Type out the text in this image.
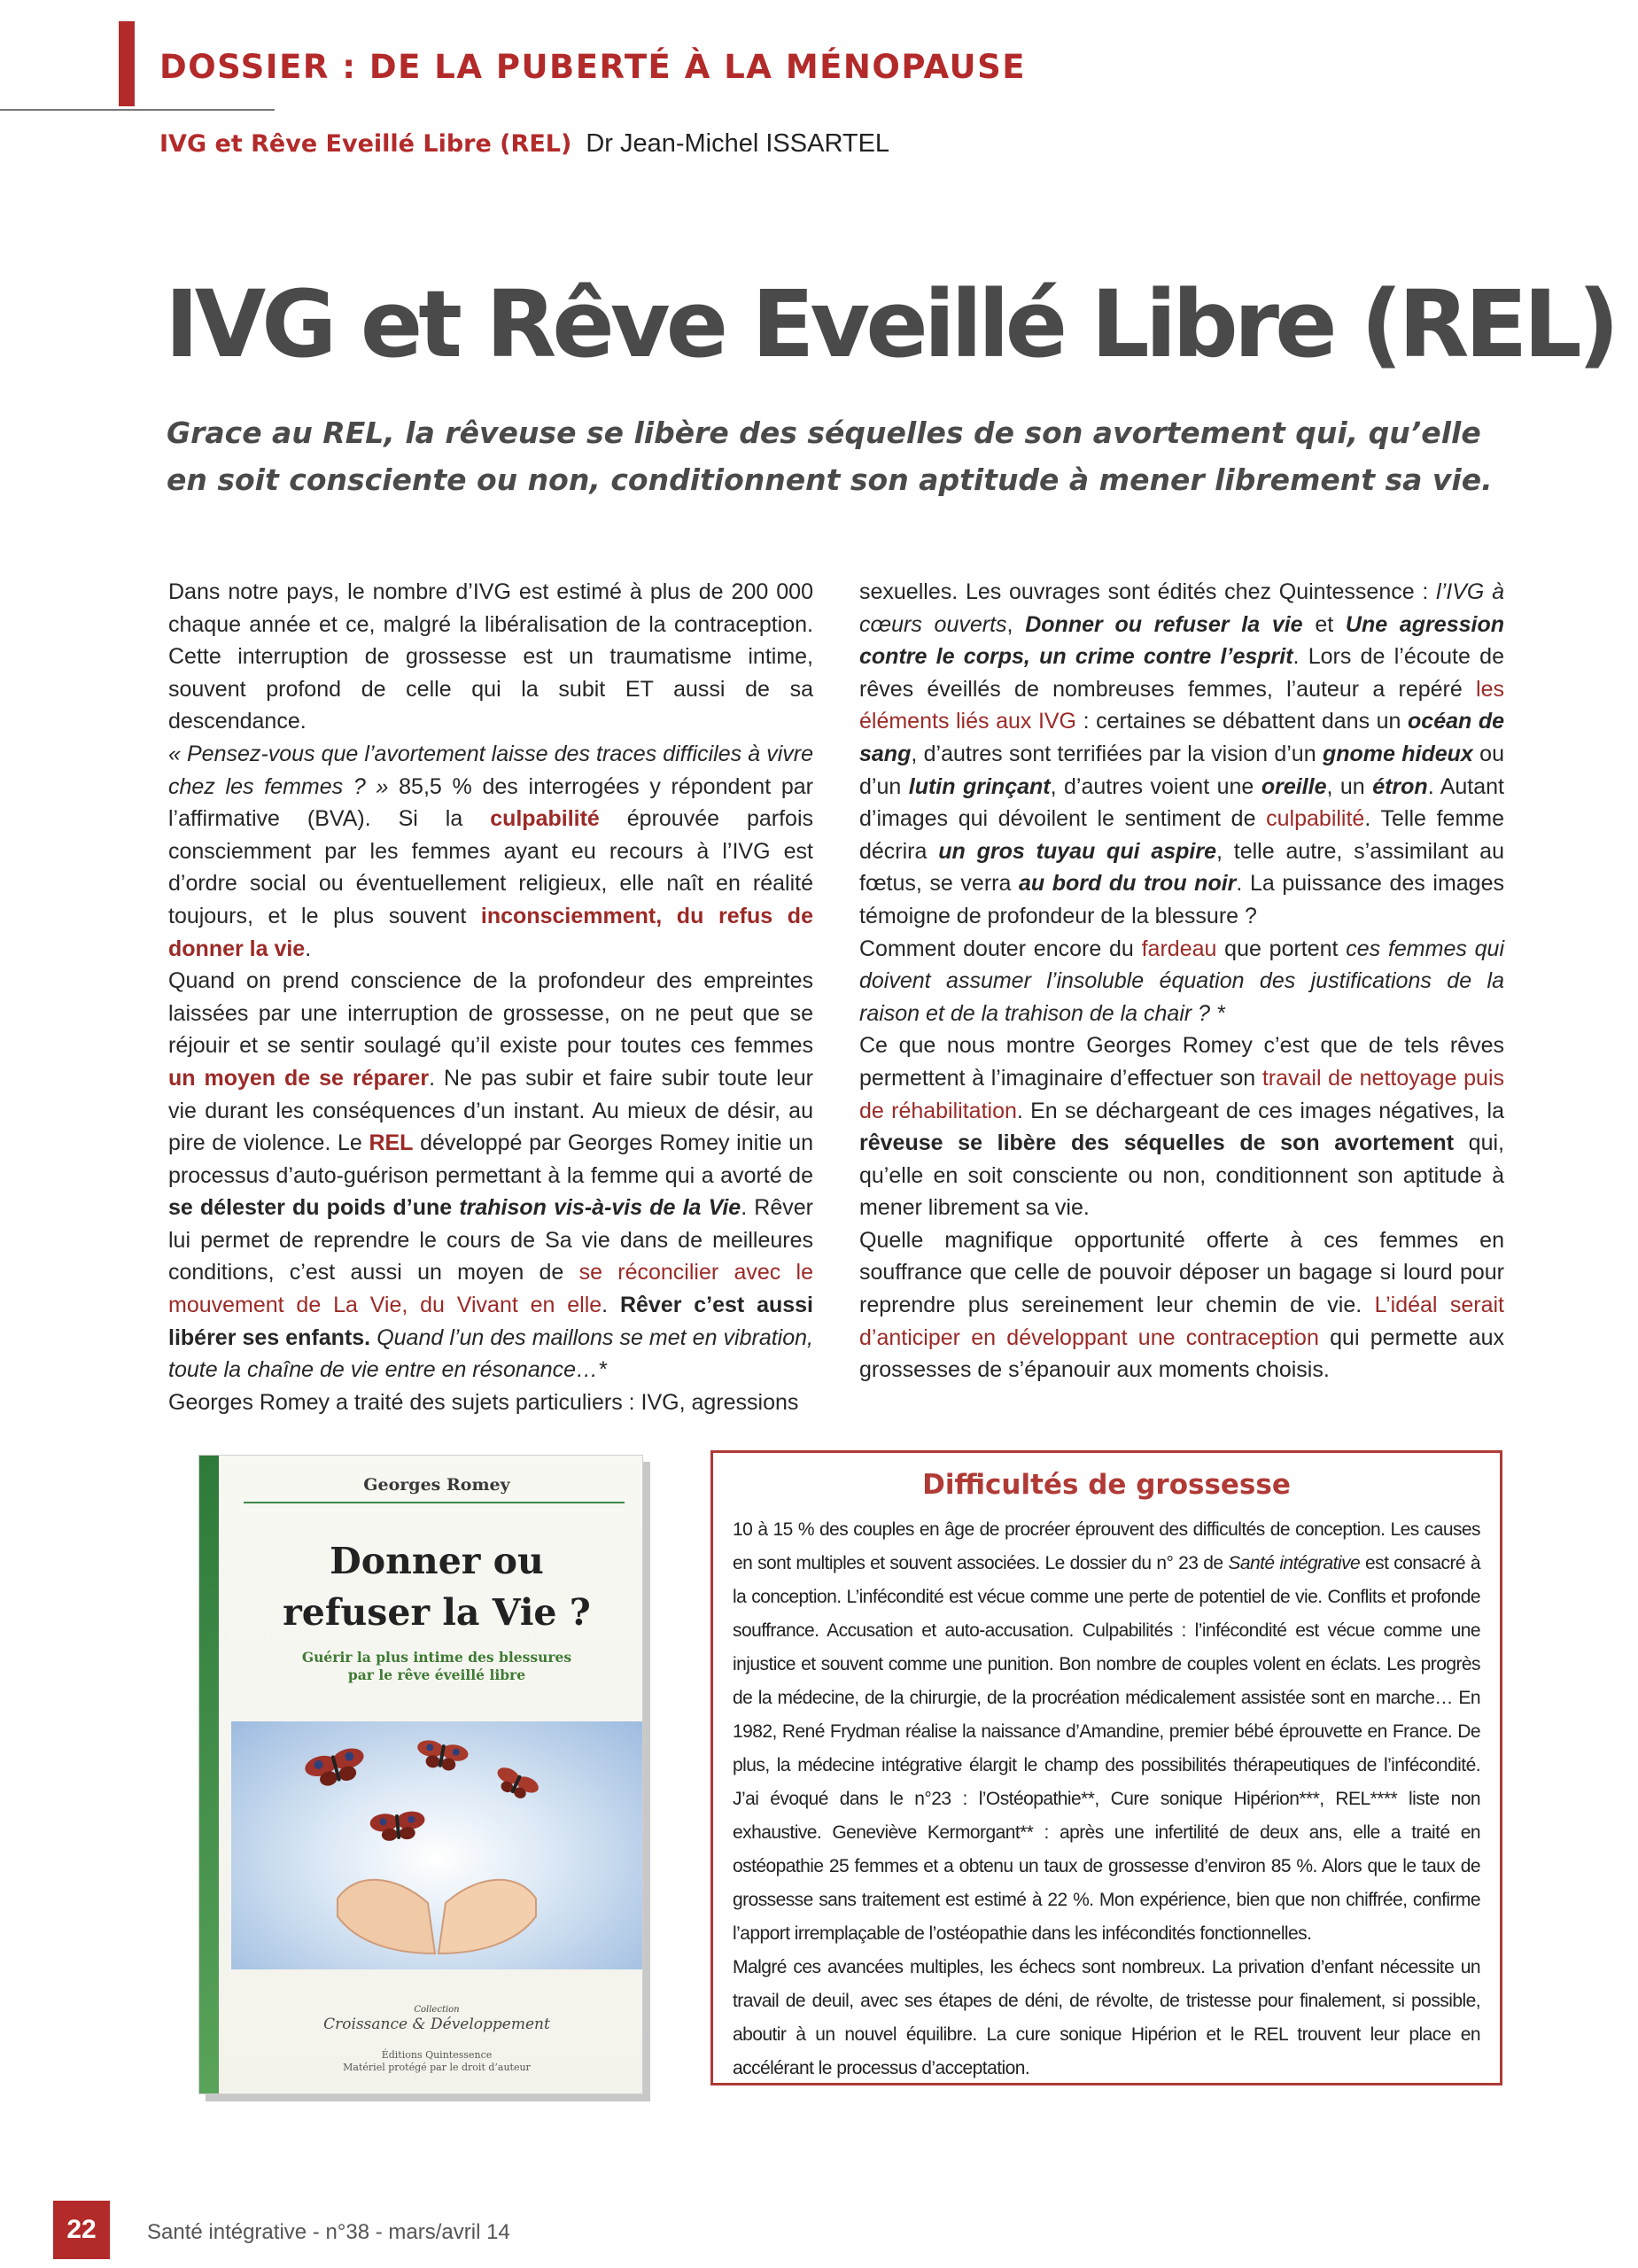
DOSSIER : DE LA PUBERTÉ À LA MÉNOPAUSE
IVG et Rêve Eveillé Libre (REL) Dr Jean-Michel ISSARTEL
IVG et Rêve Eveillé Libre (REL)
Grace au REL, la rêveuse se libère des séquelles de son avortement qui, qu’elle en soit consciente ou non, conditionnent son aptitude à mener librement sa vie.

Dans notre pays, le nombre d’IVG est estimé à plus de 200 000 chaque année et ce, malgré la libéralisation de la contraception. Cette interruption de grossesse est un traumatisme intime, souvent profond de celle qui la subit ET aussi de sa descendance.

« Pensez-vous que l’avortement laisse des traces difficiles à vivre chez les femmes ? » 85,5 % des interrogées y répondent par l’affirmative (BVA). Si la culpabilité éprouvée parfois consciemment par les femmes ayant eu recours à l’IVG est d’ordre social ou éventuellement religieux, elle naît en réalité toujours, et le plus souvent inconsciemment, du refus de donner la vie.

Quand on prend conscience de la profondeur des empreintes laissées par une interruption de grossesse, on ne peut que se réjouir et se sentir soulagé qu’il existe pour toutes ces femmes un moyen de se réparer. Ne pas subir et faire subir toute leur vie durant les conséquences d’un instant. Au mieux de désir, au pire de violence. Le REL développé par Georges Romey initie un processus d’auto-guérison permettant à la femme qui a avorté de se délester du poids d’une trahison vis-à-vis de la Vie. Rêver lui permet de reprendre le cours de Sa vie dans de meilleures conditions, c’est aussi un moyen de se réconcilier avec le mouvement de La Vie, du Vivant en elle. Rêver c’est aussi libérer ses enfants. Quand l’un des maillons se met en vibration, toute la chaîne de vie entre en résonance…*

Georges Romey a traité des sujets particuliers : IVG, agressions

sexuelles. Les ouvrages sont édités chez Quintessence : l’IVG à cœurs ouverts, Donner ou refuser la vie et Une agression contre le corps, un crime contre l’esprit. Lors de l’écoute de rêves éveillés de nombreuses femmes, l’auteur a repéré les éléments liés aux IVG : certaines se débattent dans un océan de sang, d’autres sont terrifiées par la vision d’un gnome hideux ou d’un lutin grinçant, d’autres voient une oreille, un étron. Autant d’images qui dévoilent le sentiment de culpabilité. Telle femme décrira un gros tuyau qui aspire, telle autre, s’assimilant au fœtus, se verra au bord du trou noir. La puissance des images témoigne de profondeur de la blessure ?

Comment douter encore du fardeau que portent ces femmes qui doivent assumer l’insoluble équation des justifications de la raison et de la trahison de la chair ? *

Ce que nous montre Georges Romey c’est que de tels rêves permettent à l’imaginaire d’effectuer son travail de nettoyage puis de réhabilitation. En se déchargeant de ces images négatives, la rêveuse se libère des séquelles de son avortement qui, qu’elle en soit consciente ou non, conditionnent son aptitude à mener librement sa vie.

Quelle magnifique opportunité offerte à ces femmes en souffrance que celle de pouvoir déposer un bagage si lourd pour reprendre plus sereinement leur chemin de vie. L’idéal serait d’anticiper en développant une contraception qui permette aux grossesses de s’épanouir aux moments choisis.

Georges Romey
Donner ou
refuser la Vie ?
Guérir la plus intime des blessures
par le rêve éveillé libre
Collection
Croissance & Développement
Éditions Quintessence
Matériel protégé par le droit d’auteur
Difficultés de grossesse

10 à 15 % des couples en âge de procréer éprouvent des difficultés de conception. Les causes en sont multiples et souvent associées. Le dossier du n° 23 de Santé intégrative est consacré à la conception. L’infécondité est vécue comme une perte de potentiel de vie. Conflits et profonde souffrance. Accusation et auto-accusation. Culpabilités : l’infécondité est vécue comme une injustice et souvent comme une punition. Bon nombre de couples volent en éclats. Les progrès de la médecine, de la chirurgie, de la procréation médicalement assistée sont en marche… En 1982, René Frydman réalise la naissance d’Amandine, premier bébé éprouvette en France. De plus, la médecine intégrative élargit le champ des possibilités thérapeutiques de l’infécondité. J’ai évoqué dans le n°23 : l’Ostéopathie**, Cure sonique Hipérion***, REL**** liste non exhaustive. Geneviève Kermorgant** : après une infertilité de deux ans, elle a traité en ostéopathie 25 femmes et a obtenu un taux de grossesse d’environ 85 %. Alors que le taux de grossesse sans traitement est estimé à 22 %. Mon expérience, bien que non chiffrée, confirme l’apport irremplaçable de l’ostéopathie dans les infécondités fonctionnelles.

Malgré ces avancées multiples, les échecs sont nombreux. La privation d’enfant nécessite un travail de deuil, avec ses étapes de déni, de révolte, de tristesse pour finalement, si possible, aboutir à un nouvel équilibre. La cure sonique Hipérion et le REL trouvent leur place en accélérant le processus d’acceptation.

22	Santé intégrative - n°38 - mars/avril 14
